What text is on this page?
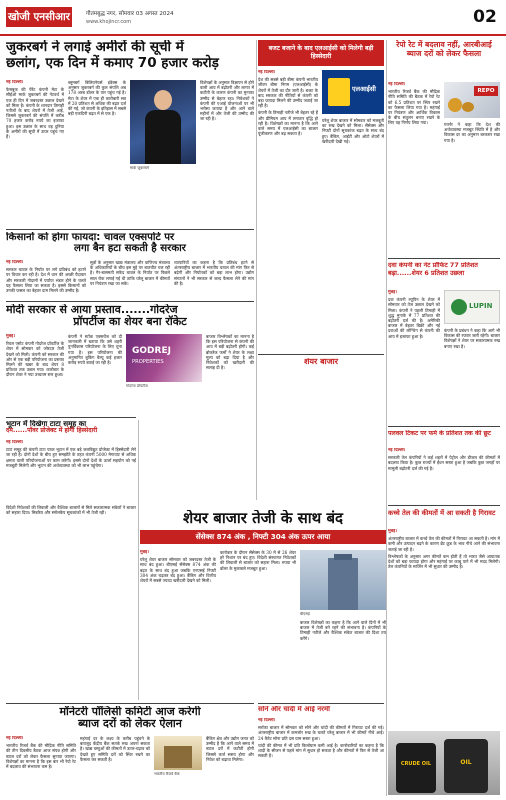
खोजी एनसीआर	गौतमबुद्ध नगर, सोमवार 03 अगस्त 2024
www.khojincr.com	02
जुकरबर्ग ने लगाई अमीरों की सूची में
छलांग, एक दिन में कमाए 70 हजार करोड़
नई दिल्ली।
फेसबुक की पेरेंट कंपनी मेटा के सीईओ मार्क जुकरबर्ग की नेटवर्थ में एक ही दिन में जबरदस्त उछाल देखने को मिला है। कंपनी के शानदार तिमाही नतीजों के बाद शेयरों में तेजी आई, जिससे जुकरबर्ग की संपत्ति में करीब 70 हजार करोड़ रुपये का इजाफा हुआ। इस उछाल के साथ वह दुनिया के अमीरों की सूची में ऊपर पहुंच गए हैं।
ब्लूमबर्ग बिलियनेयर्स इंडेक्स के अनुसार जुकरबर्ग की कुल संपत्ति अब 178 अरब डॉलर के पार पहुंच गई है। मेटा के शेयर में एक ही कारोबारी सत्र में 20 प्रतिशत से अधिक की बढ़त दर्ज की गई, जो कंपनी के इतिहास में सबसे बड़ी एकदिनी बढ़त में से एक है।
मार्क जुकरबर्ग
विशेषज्ञों के अनुसार विज्ञापन से होने वाली आय में बढ़ोतरी और लागत में कटौती के कारण कंपनी का मुनाफा उम्मीद से बेहतर रहा। निवेशकों ने कंपनी की एआई योजनाओं पर भी भरोसा जताया है और आने वाले महीनों में और तेजी की उम्मीद की जा रही है।
बजट बजाने के बाद एलआईसी को मिलेगी बड़ी हिस्सेदारी
नई दिल्ली।
देश की सबसे बड़ी बीमा कंपनी भारतीय जीवन बीमा निगम (एलआईसी) के शेयरों में तेजी का दौर जारी है। बजट के बाद सरकार की नीतियों से कंपनी को बड़ा फायदा मिलने की उम्मीद जताई जा रही है।
कंपनी के तिमाही नतीजे भी बेहतर रहे हैं और प्रीमियम आय में लगातार वृद्धि हो रही है। विशेषज्ञों का मानना है कि आने वाले समय में एलआईसी का बाजार पूंजीकरण और बढ़ सकता है।
एलआईसी
घरेलू शेयर बाजार में सोमवार को मजबूती का रुख देखने को मिला। सेंसेक्स और निफ्टी दोनों सूचकांक बढ़त के साथ बंद हुए। बैंकिंग, आईटी और ऑटो शेयरों में खरीदारी देखी गई।
रेपो रेट में बदलाव नहीं, आरबीआई ब्याज दरों को लेकर फैसला
नई दिल्ली।
भारतीय रिजर्व बैंक की मौद्रिक नीति समिति की बैठक में रेपो रेट को 6.5 प्रतिशत पर स्थिर रखने का फैसला लिया गया है। महंगाई पर नियंत्रण और आर्थिक विकास के बीच संतुलन बनाए रखने के लिए यह निर्णय लिया गया।
REPO
गवर्नर ने कहा कि देश की अर्थव्यवस्था मजबूत स्थिति में है और विकास दर का अनुमान बरकरार रखा गया है।
किसानों को होगा फायदा: चावल एक्सपोर्ट पर
लगा बैन हटा सकती है सरकार
नई दिल्ली।
सरकार चावल के निर्यात पर लगे प्रतिबंध को हटाने पर विचार कर रही है। देश में धान की अच्छी पैदावार और सरकारी गोदामों में पर्याप्त भंडार होने के चलते यह फैसला लिया जा सकता है। इससे किसानों को उनकी फसल का बेहतर दाम मिलने की उम्मीद है।
सूत्रों के अनुसार खाद्य मंत्रालय और वाणिज्य मंत्रालय के अधिकारियों के बीच इस मुद्दे पर बातचीत चल रही है। गैर-बासमती सफेद चावल के निर्यात पर पिछले साल रोक लगाई गई थी ताकि घरेलू बाजार में कीमतों पर नियंत्रण रखा जा सके।
व्यापारियों का कहना है कि प्रतिबंध हटने से अंतरराष्ट्रीय बाजार में भारतीय चावल की मांग फिर से बढ़ेगी और निर्यातकों को बड़ा लाभ होगा। उद्योग संगठनों ने भी सरकार से जल्द फैसला लेने की मांग की है।
मोदी सरकार से आया प्रस्ताव.......गोदरेज
प्रॉपर्टीज का शेयर बना रॉकेट
मुंबई।
रियल एस्टेट कंपनी गोदरेज प्रॉपर्टीज के शेयर में सोमवार को जोरदार तेजी देखने को मिली। कंपनी को सरकार की ओर से एक बड़ी परियोजना का प्रस्ताव मिलने की खबर के बाद शेयर 8 प्रतिशत तक उछल गया। कारोबार के दौरान शेयर ने नया उच्चतम स्तर छुआ।
कंपनी ने स्टॉक एक्सचेंज को दी जानकारी में बताया कि उसे शहरी पुनर्विकास परियोजना के लिए चुना गया है। इस परियोजना की अनुमानित बुकिंग वैल्यू कई हजार करोड़ रुपये बताई जा रही है।
GODREJ
PROPERTIES
गोदरेज प्रॉपर्टीज
बाजार विश्लेषकों का मानना है कि इस परियोजना से कंपनी की आय में बड़ी बढ़ोतरी होगी। कई ब्रोकरेज फर्मों ने शेयर के लक्ष्य मूल्य को बढ़ा दिया है और निवेशकों को खरीदारी की सलाह दी है।
भूटान में दिखेगा टाटा समूह का
दम......पॉवर प्रोजेक्ट में होगी हिस्सेदारी
नई दिल्ली।
टाटा समूह की कंपनी टाटा पावर भूटान में एक बड़े जलविद्युत प्रोजेक्ट में हिस्सेदारी लेने जा रही है। दोनों देशों के बीच हुए समझौते के तहत कंपनी 5000 मेगावाट से अधिक क्षमता वाली परियोजनाओं पर काम करेगी। इससे दोनों देशों के ऊर्जा सहयोग को नई मजबूती मिलेगी और भूटान की अर्थव्यवस्था को भी लाभ पहुंचेगा।
शेयर बाजार तेजी के साथ बंद
सेंसेक्स 874 अंक , निफ्टी 304 अंक ऊपर आया
मुंबई।
घरेलू शेयर बाजार सोमवार को जबरदस्त तेजी के साथ बंद हुआ। बीएसई सेंसेक्स 874 अंक की बढ़त के साथ बंद हुआ जबकि एनएसई निफ्टी 304 अंक चढ़कर बंद हुआ। बैंकिंग और वित्तीय शेयरों में सबसे ज्यादा खरीदारी देखने को मिली।
कारोबार के दौरान सेंसेक्स के 30 में से 26 शेयर हरे निशान पर बंद हुए। विदेशी संस्थागत निवेशकों की लिवाली से बाजार को सहारा मिला। रुपया भी डॉलर के मुकाबले मजबूत हुआ।
बीएसई
बाजार विशेषज्ञों का कहना है कि आने वाले दिनों में भी बाजार में तेजी बने रहने की संभावना है। कंपनियों के तिमाही नतीजे और वैश्विक संकेत बाजार की दिशा तय करेंगे।
विदेशी निवेशकों की लिवाली और वैश्विक बाजारों से मिले सकारात्मक संकेतों ने बाजार को सहारा दिया। मिडकैप और स्मॉलकैप सूचकांकों में भी तेजी रही।
शेयर बाजार
दवा कंपनी का नेट प्रॉफिट 77 प्रतिशत बढ़ा......शेयर 6 प्रतिशत उछला
मुंबई।
दवा कंपनी ल्यूपिन के शेयर में सोमवार को तेज उछाल देखने को मिला। कंपनी ने पहली तिमाही में शुद्ध मुनाफे में 77 प्रतिशत की बढ़ोतरी दर्ज की है। अमेरिकी बाजार में बेहतर बिक्री और नई दवाओं की लॉन्चिंग से कंपनी की आय में इजाफा हुआ है।
LUPIN
कंपनी के प्रबंधन ने कहा कि आगे भी विकास की रफ्तार जारी रहेगी। बाजार विशेषज्ञों ने शेयर पर सकारात्मक रुख बनाए रखा है।
पलवल टिकट पर फर्म के प्रतिशत तक की छूट
नई दिल्ली।
सरकारी तेल कंपनियों ने कई शहरों में पेट्रोल और डीजल की कीमतों में बदलाव किया है। कुछ राज्यों में ईंधन सस्ता हुआ है जबकि कुछ जगहों पर मामूली बढ़ोतरी दर्ज की गई है।
कच्चे तेल की कीमतों में आ सकती है गिरावट
मुंबई।
अंतरराष्ट्रीय बाजार में कच्चे तेल की कीमतों में गिरावट आ सकती है। मांग में कमी और उत्पादन बढ़ने के कारण ब्रेंट क्रूड के भाव नीचे आने की संभावना जताई जा रही है।
विश्लेषकों के अनुसार अगर कीमतें कम होती हैं तो भारत जैसे आयातक देशों को बड़ा फायदा होगा और महंगाई पर काबू पाने में भी मदद मिलेगी। तेल कंपनियों के मार्जिन में भी सुधार की उम्मीद है।
CRUDE OIL	OIL
सोने और चांदी में आई नरमी
नई दिल्ली।
सर्राफा बाजार में सोमवार को सोने और चांदी की कीमतों में गिरावट दर्ज की गई। अंतरराष्ट्रीय बाजार में कमजोर रुख के चलते घरेलू बाजार में भी कीमतें नीचे आईं। 24 कैरेट सोना प्रति दस ग्राम सस्ता हुआ।
चांदी की कीमत में भी प्रति किलोग्राम कमी आई है। कारोबारियों का कहना है कि शादी के सीजन से पहले मांग में सुधार हो सकता है और कीमतों में फिर से तेजी आ सकती है।
मॉनेटरी पॉलिसी कमिटी आज करेगी
ब्याज दरों को लेकर ऐलान
नई दिल्ली।
भारतीय रिजर्व बैंक की मौद्रिक नीति समिति की तीन दिवसीय बैठक आज संपन्न होगी और ब्याज दरों को लेकर फैसला सुनाया जाएगा। विशेषज्ञों का मानना है कि इस बार भी रेपो रेट में बदलाव की संभावना कम है।
महंगाई दर के लक्ष्य के करीब पहुंचने के बावजूद केंद्रीय बैंक सतर्क रुख अपना सकता है। खाद्य वस्तुओं की कीमतों में उतार-चढ़ाव को देखते हुए समिति दरों को स्थिर रखने का फैसला कर सकती है।
भारतीय रिजर्व बैंक
बैंकिंग क्षेत्र और उद्योग जगत को उम्मीद है कि आने वाले समय में ब्याज दरों में कटौती होगी जिससे कर्ज सस्ता होगा और निवेश को बढ़ावा मिलेगा।
